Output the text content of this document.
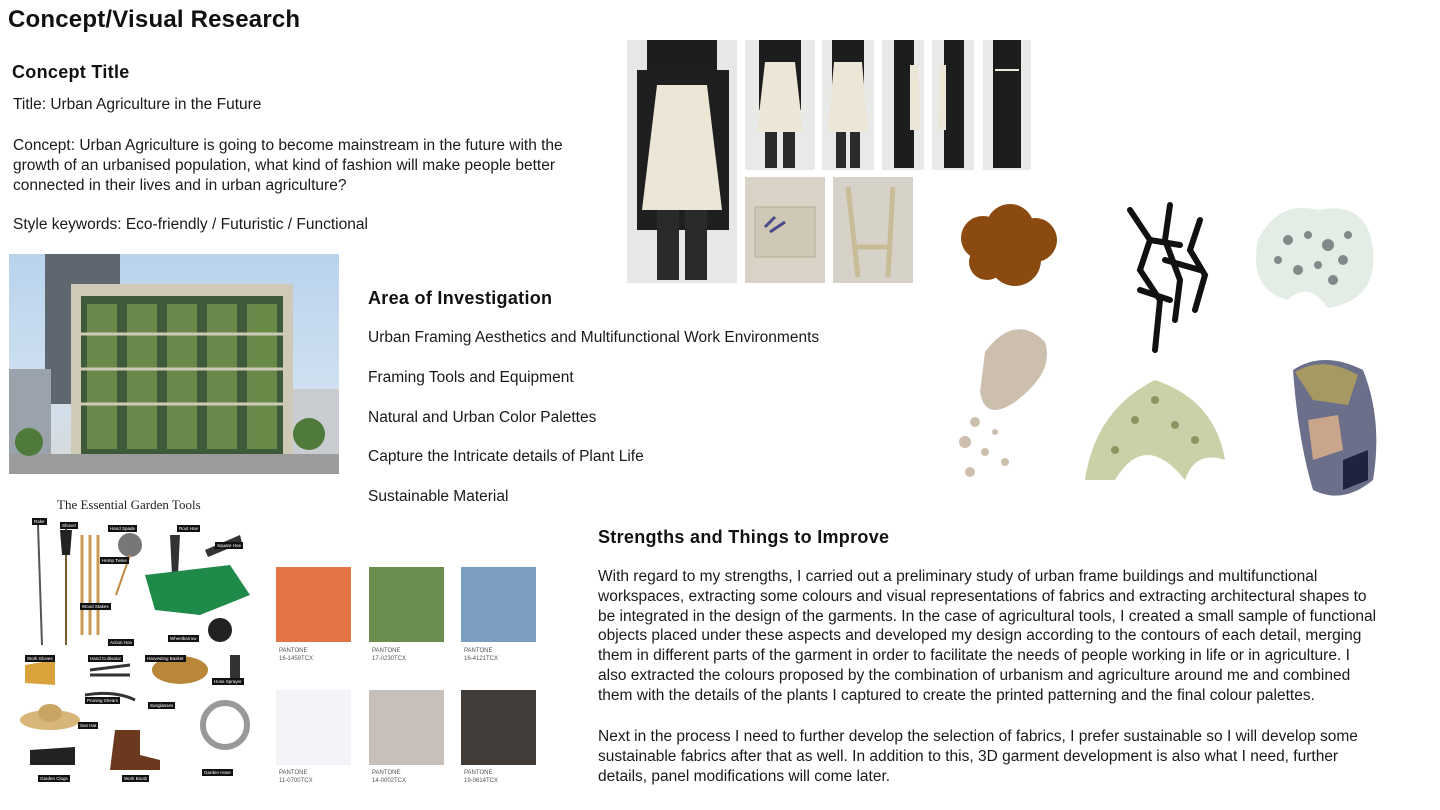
Concept/Visual Research
Concept Title
Title: Urban Agriculture in the Future
Concept: Urban Agriculture is going to become mainstream in the future with the
growth of an urbanised population, what kind of fashion will make people better
connected in their lives and in urban agriculture?
Style keywords: Eco-friendly / Futuristic / Functional
Area of Investigation
Urban Framing Aesthetics and Multifunctional Work Environments
Framing Tools and Equipment
Natural and Urban Color Palettes
Capture the Intricate details of Plant Life
Sustainable Material
The Essential Garden Tools
Rake
Shovel
Hand Spade	Root Hoe
Square Hoe
Hemp Twine
Wood Stakes
Action Hoe
Wheelbarrow
Work Gloves	Hand Cultivator	Harvesting Basket
Hose Sprayer
Pruning Shears
Sunglasses
Sun Hat
Garden Clogs	Work Boots
Garden Hose
PANTONE
16-1459TCX
PANTONE
17-0230TCX
PANTONE
16-4121TCX
PANTONE
11-0700TCX
PANTONE
14-0002TCX
PANTONE
19-0614TCX
Strengths and Things to Improve
With regard to my strengths, I carried out a preliminary study of urban frame buildings and multifunctional
workspaces, extracting some colours and visual representations of fabrics and extracting architectural shapes to
be integrated in the design of the garments. In the case of agricultural tools, I created a small sample of functional
objects placed under these aspects and developed my design according to the contours of each detail, merging
them in different parts of the garment in order to facilitate the needs of people working in life or in agriculture. I
also extracted the colours proposed by the combination of urbanism and agriculture around me and combined
them with the details of the plants I captured to create the printed patterning and the final colour palettes.
Next in the process I need to further develop the selection of fabrics, I prefer sustainable so I will develop some
sustainable fabrics after that as well. In addition to this, 3D garment development is also what I need, further
details, panel modifications will come later.
